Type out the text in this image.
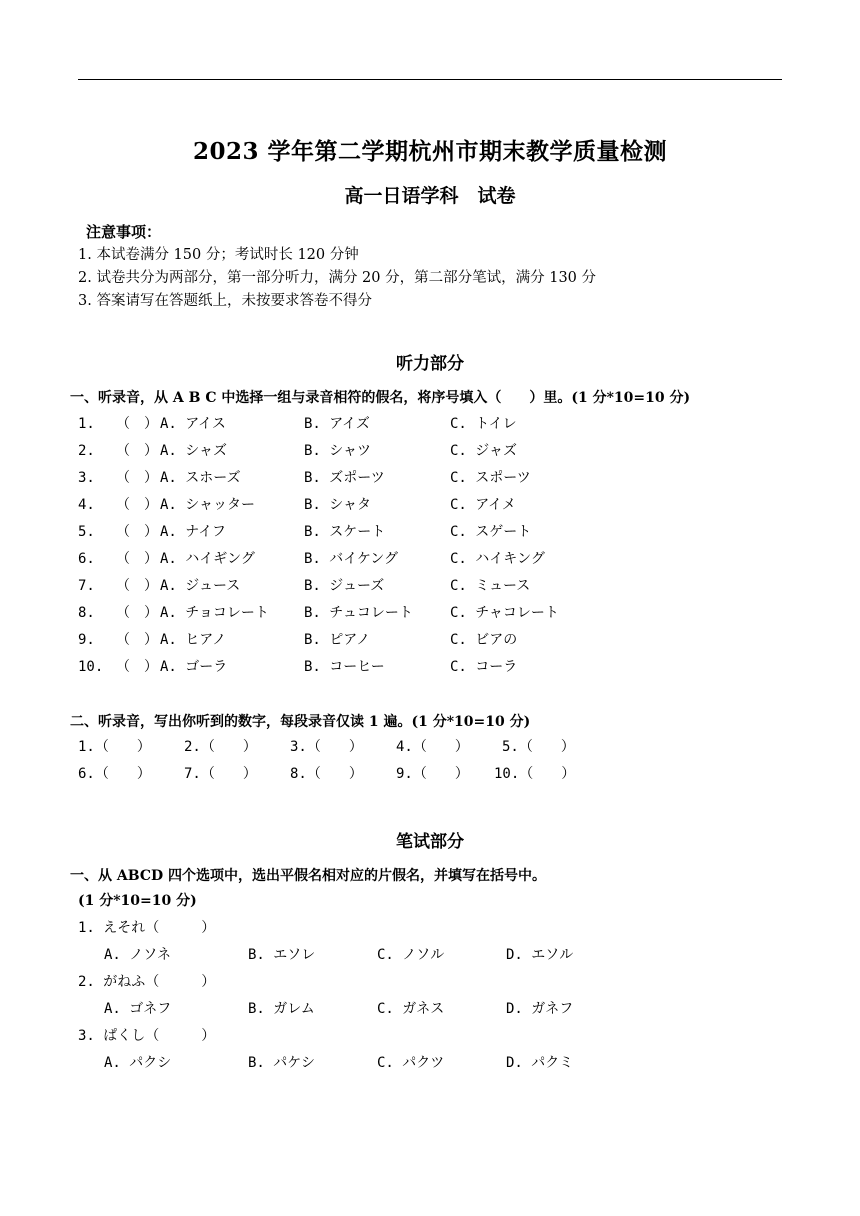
2023 学年第二学期杭州市期末教学质量检测
高一日语学科　试卷
注意事项：
1. 本试卷满分 150 分；考试时长 120 分钟
2. 试卷共分为两部分，第一部分听力，满分 20 分，第二部分笔试，满分 130 分
3. 答案请写在答题纸上，未按要求答卷不得分
听力部分
一、听录音，从 A B C 中选择一组与录音相符的假名，将序号填入（　　）里。(1 分*10=10 分)
1. （　） A. アイス	B. アイズ	C. トイレ
2. （　） A. シャズ	B. シャツ	C. ジャズ
3. （　） A. スホーズ	B. ズポーツ	C. スポーツ
4. （　） A. シャッター	B. シャタ	C. アイメ
5. （　） A. ナイフ	B. スケート	C. スゲート
6. （　） A. ハイギング	B. バイケング	C. ハイキング
7. （　） A. ジュース	B. ジューズ	C. ミュース
8. （　） A. チョコレート	B. チュコレート	C. チャコレート
9. （　） A. ヒアノ	B. ピアノ	C. ビアの
10. （　） A. ゴーラ	B. コーヒー	C. コーラ
二、听录音，写出你听到的数字，每段录音仅读 1 遍。(1 分*10=10 分)
1.（　　） 2.（　　） 3.（　　） 4.（　　） 5.（　　）
6.（　　） 7.（　　） 8.（　　） 9.（　　） 10.（　　）
笔试部分
一、从 ABCD 四个选项中，选出平假名相对应的片假名，并填写在括号中。
(1 分*10=10 分)
1. えそれ（　　　）
A. ノソネ	B. エソレ	C. ノソル	D. エソル
2. がねふ（　　　）
A. ゴネフ	B. ガレム	C. ガネス	D. ガネフ
3. ぱくし（　　　）
A. パクシ	B. パケシ	C. パクツ	D. パクミ
